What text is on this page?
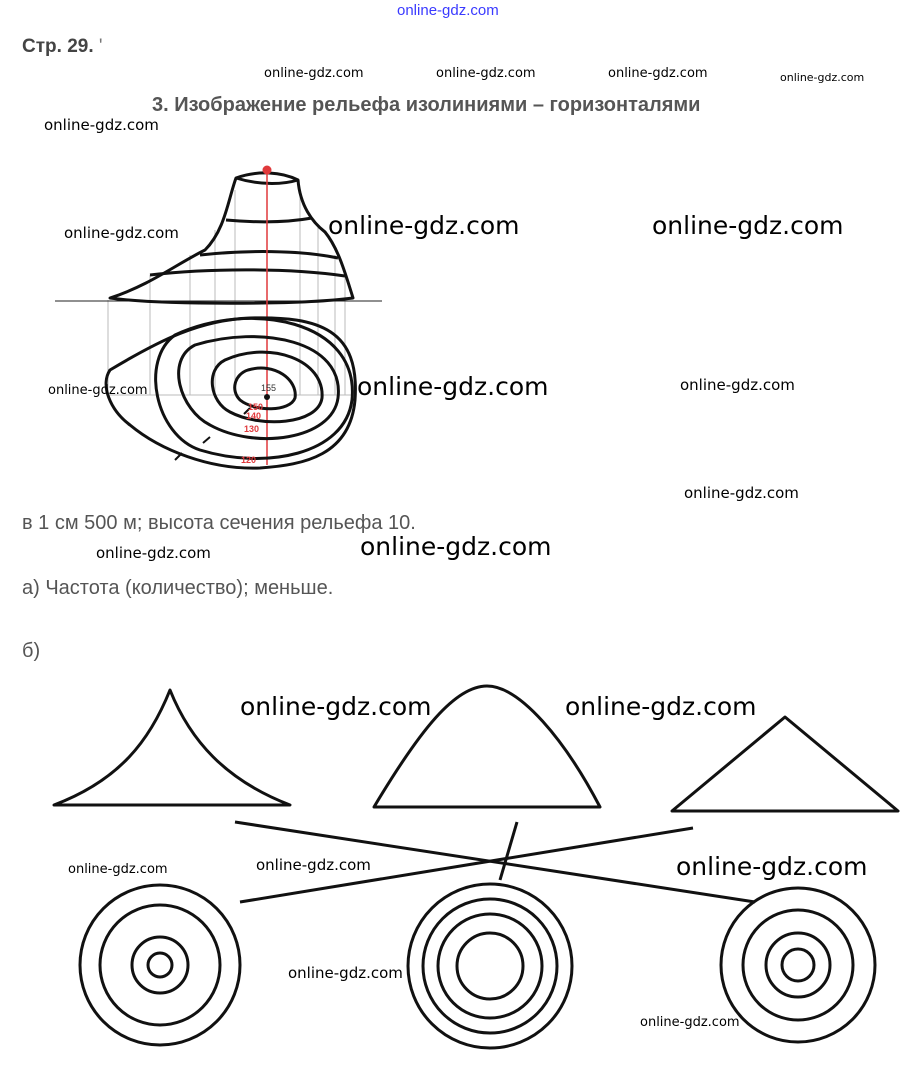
online-gdz.com
Стр. 29. '
3. Изображение рельефа изолиниями – горизонталями
в 1 см 500 м; высота сечения рельефа 10.
а) Частота (количество); меньше.
б)
155
150
140
130
120
online-gdz.com	online-gdz.com	online-gdz.com	online-gdz.com
online-gdz.com
online-gdz.com	online-gdz.com	online-gdz.com
online-gdz.com	online-gdz.com	online-gdz.com
online-gdz.com
online-gdz.com	online-gdz.com
online-gdz.com	online-gdz.com
online-gdz.com	online-gdz.com	online-gdz.com
online-gdz.com
online-gdz.com
